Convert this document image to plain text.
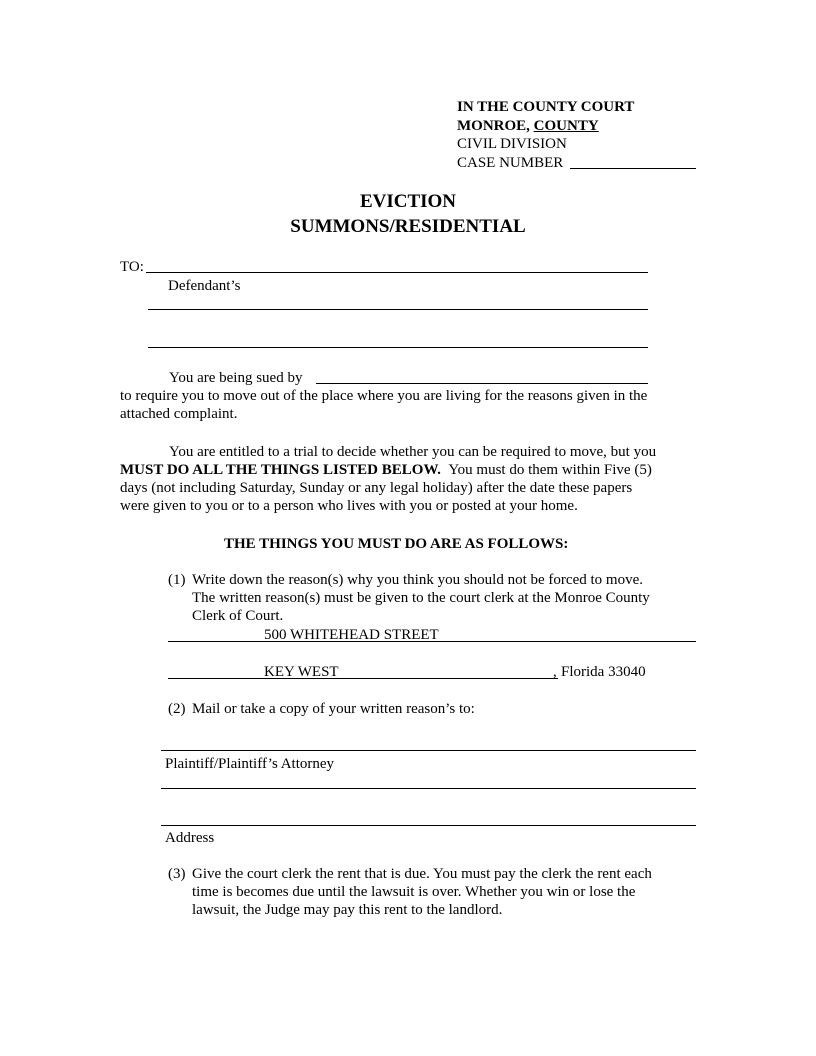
IN THE COUNTY COURT
MONROE, COUNTY
CIVIL DIVISION
CASE NUMBER
EVICTION
SUMMONS/RESIDENTIAL
TO:
Defendant’s
You are being sued by
to require you to move out of the place where you are living for the reasons given in the
attached complaint.
You are entitled to a trial to decide whether you can be required to move, but you
MUST DO ALL THE THINGS LISTED BELOW. You must do them within Five (5)
days (not including Saturday, Sunday or any legal holiday) after the date these papers
were given to you or to a person who lives with you or posted at your home.
THE THINGS YOU MUST DO ARE AS FOLLOWS:
(1) Write down the reason(s) why you think you should not be forced to move.
The written reason(s) must be given to the court clerk at the Monroe County
Clerk of Court.
500 WHITEHEAD STREET
KEY WEST	, Florida 33040
(2) Mail or take a copy of your written reason’s to:
Plaintiff/Plaintiff’s Attorney
Address
(3) Give the court clerk the rent that is due. You must pay the clerk the rent each
time is becomes due until the lawsuit is over. Whether you win or lose the
lawsuit, the Judge may pay this rent to the landlord.
